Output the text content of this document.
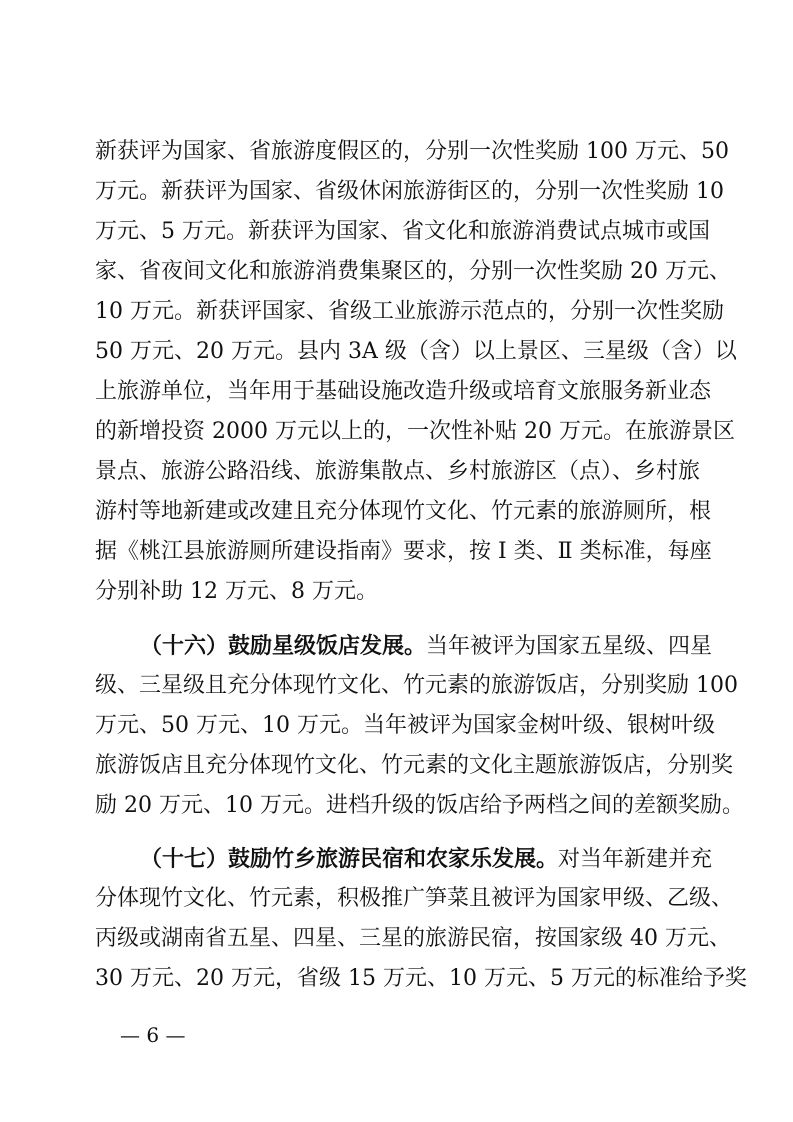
新获评为国家、省旅游度假区的，分别一次性奖励 100 万元、50
万元。新获评为国家、省级休闲旅游街区的，分别一次性奖励 10
万元、5 万元。新获评为国家、省文化和旅游消费试点城市或国
家、省夜间文化和旅游消费集聚区的，分别一次性奖励 20 万元、
10 万元。新获评国家、省级工业旅游示范点的，分别一次性奖励
50 万元、20 万元。县内 3A 级（含）以上景区、三星级（含）以
上旅游单位，当年用于基础设施改造升级或培育文旅服务新业态
的新增投资 2000 万元以上的，一次性补贴 20 万元。在旅游景区
景点、旅游公路沿线、旅游集散点、乡村旅游区（点）、乡村旅
游村等地新建或改建且充分体现竹文化、竹元素的旅游厕所，根
据《桃江县旅游厕所建设指南》要求，按 Ⅰ 类、Ⅱ 类标准，每座
分别补助 12 万元、8 万元。
（十六）鼓励星级饭店发展。当年被评为国家五星级、四星
级、三星级且充分体现竹文化、竹元素的旅游饭店，分别奖励 100
万元、50 万元、10 万元。当年被评为国家金树叶级、银树叶级
旅游饭店且充分体现竹文化、竹元素的文化主题旅游饭店，分别奖
励 20 万元、10 万元。进档升级的饭店给予两档之间的差额奖励。
（十七）鼓励竹乡旅游民宿和农家乐发展。对当年新建并充
分体现竹文化、竹元素，积极推广笋菜且被评为国家甲级、乙级、
丙级或湖南省五星、四星、三星的旅游民宿，按国家级 40 万元、
30 万元、20 万元，省级 15 万元、10 万元、5 万元的标准给予奖
— 6 —
